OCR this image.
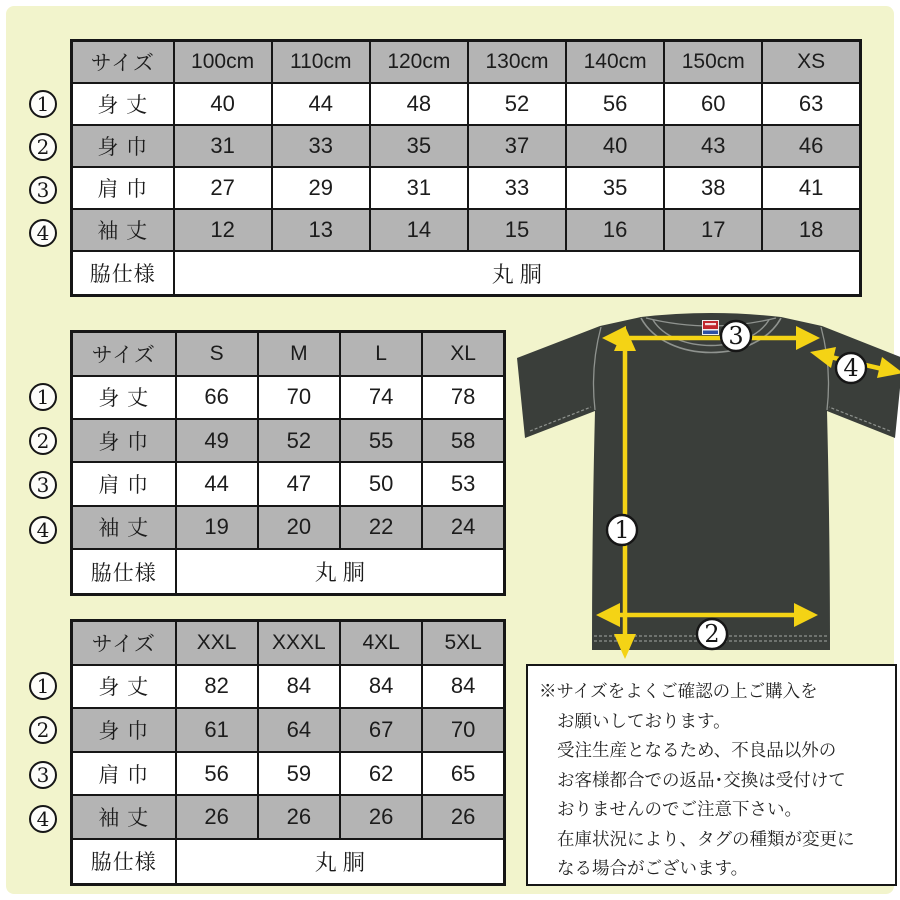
サイズ	100cm	110cm	120cm	130cm	140cm	150cm	XS
身 丈	40	44	48	52	56	60	63
身 巾	31	33	35	37	40	43	46
肩 巾	27	29	31	33	35	38	41
袖 丈	12	13	14	15	16	17	18
脇仕様	丸 胴						
サイズ	S	M	L	XL
身 丈	66	70	74	78
身 巾	49	52	55	58
肩 巾	44	47	50	53
袖 丈	19	20	22	24
脇仕様	丸 胴			
サイズ	XXL	XXXL	4XL	5XL
身 丈	82	84	84	84
身 巾	61	64	67	70
肩 巾	56	59	62	65
袖 丈	26	26	26	26
脇仕様	丸 胴			
1
2
3
4
※サイズをよくご確認の上ご購入を
お願いしております。
受注生産となるため、不良品以外の
お客様都合での返品･交換は受付けて
おりませんのでご注意下さい。
在庫状況により、タグの種類が変更に
なる場合がございます。
1
2
3
4
1
2
3
4
1
2
3
4
